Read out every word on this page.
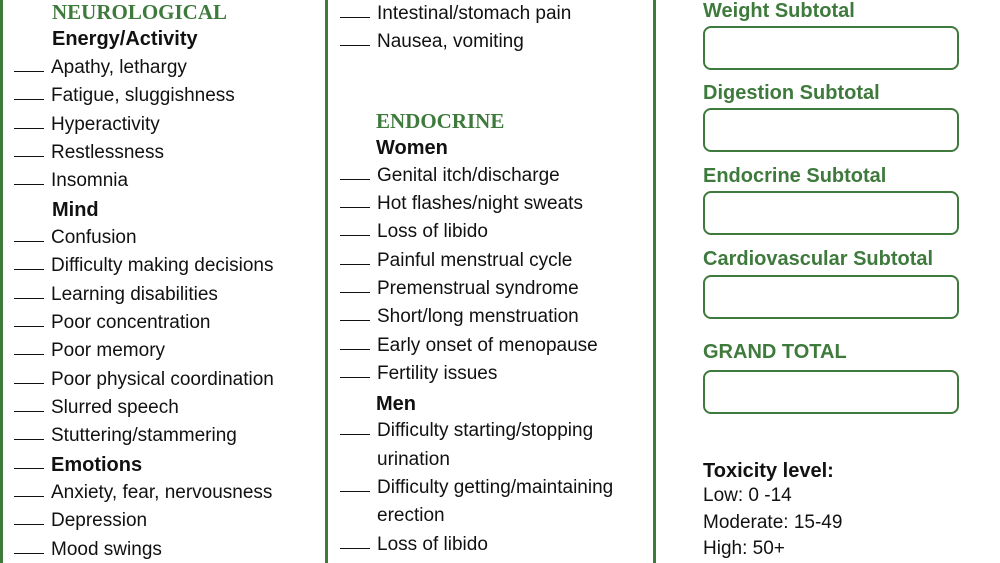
NEUROLOGICAL
Energy/Activity
Apathy, lethargy
Fatigue, sluggishness
Hyperactivity
Restlessness
Insomnia
Mind
Confusion
Difficulty making decisions
Learning disabilities
Poor concentration
Poor memory
Poor physical coordination
Slurred speech
Stuttering/stammering
Emotions
Anxiety, fear, nervousness
Depression
Mood swings
Intestinal/stomach pain
Nausea, vomiting
ENDOCRINE
Women
Genital itch/discharge
Hot flashes/night sweats
Loss of libido
Painful menstrual cycle
Premenstrual syndrome
Short/long menstruation
Early onset of menopause
Fertility issues
Men
Difficulty starting/stopping
urination
Difficulty getting/maintaining
erection
Loss of libido
Weight Subtotal
Digestion Subtotal
Endocrine Subtotal
Cardiovascular Subtotal
GRAND TOTAL
Toxicity level:
Low: 0 -14
Moderate: 15-49
High: 50+
